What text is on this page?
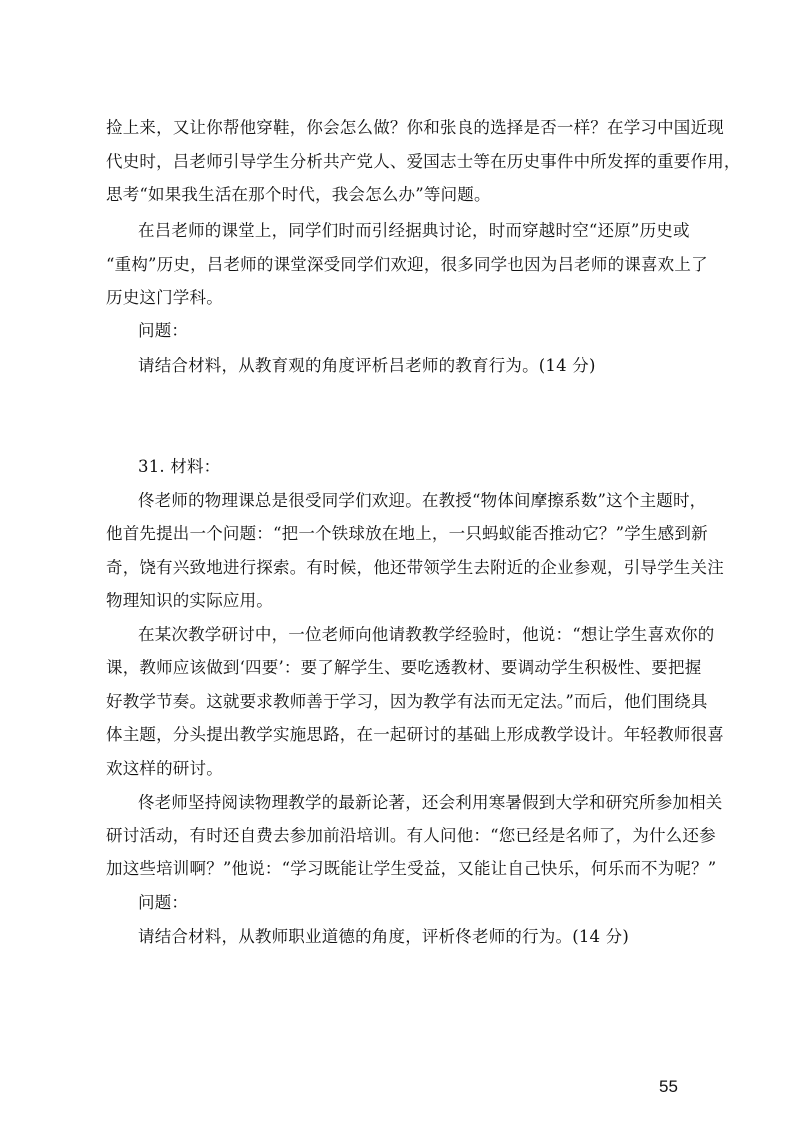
捡上来，又让你帮他穿鞋，你会怎么做？你和张良的选择是否一样？在学习中国近现
代史时，吕老师引导学生分析共产党人、爱国志士等在历史事件中所发挥的重要作用，
思考“如果我生活在那个时代，我会怎么办”等问题。
在吕老师的课堂上，同学们时而引经据典讨论，时而穿越时空“还原”历史或
“重构”历史，吕老师的课堂深受同学们欢迎，很多同学也因为吕老师的课喜欢上了
历史这门学科。
问题：
请结合材料，从教育观的角度评析吕老师的教育行为。(14 分)
31. 材料：
佟老师的物理课总是很受同学们欢迎。在教授“物体间摩擦系数”这个主题时，
他首先提出一个问题：“把一个铁球放在地上，一只蚂蚁能否推动它？”学生感到新
奇，饶有兴致地进行探索。有时候，他还带领学生去附近的企业参观，引导学生关注
物理知识的实际应用。
在某次教学研讨中，一位老师向他请教教学经验时，他说：“想让学生喜欢你的
课，教师应该做到‘四要’：要了解学生、要吃透教材、要调动学生积极性、要把握
好教学节奏。这就要求教师善于学习，因为教学有法而无定法。”而后，他们围绕具
体主题，分头提出教学实施思路，在一起研讨的基础上形成教学设计。年轻教师很喜
欢这样的研讨。
佟老师坚持阅读物理教学的最新论著，还会利用寒暑假到大学和研究所参加相关
研讨活动，有时还自费去参加前沿培训。有人问他：“您已经是名师了，为什么还参
加这些培训啊？”他说：“学习既能让学生受益，又能让自己快乐，何乐而不为呢？”
问题：
请结合材料，从教师职业道德的角度，评析佟老师的行为。(14 分)
55
